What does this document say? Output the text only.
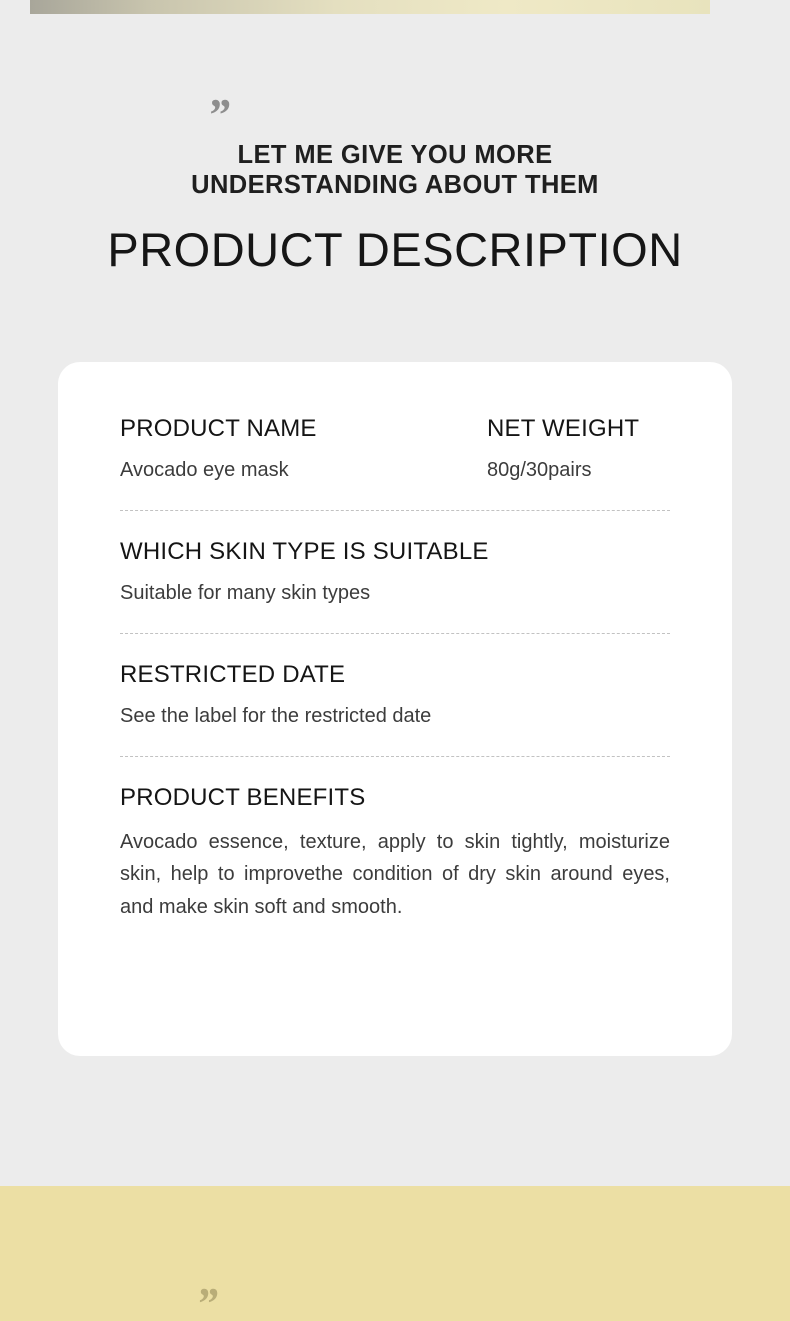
”
LET ME GIVE YOU MORE
UNDERSTANDING ABOUT THEM
PRODUCT DESCRIPTION
PRODUCT NAME
Avocado eye mask
NET WEIGHT
80g/30pairs
WHICH SKIN TYPE IS SUITABLE
Suitable for many skin types
RESTRICTED DATE
See the label for the restricted date
PRODUCT BENEFITS
Avocado essence, texture, apply to skin tightly, moisturize skin, help to improvethe condition of dry skin around eyes, and make skin soft and smooth.
”
